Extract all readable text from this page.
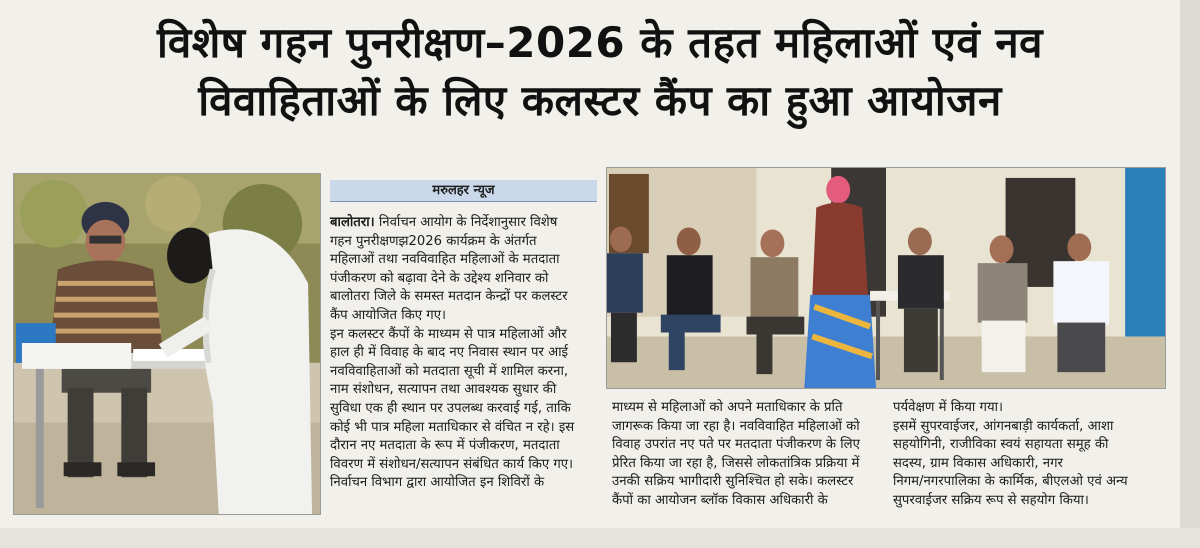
विशेष गहन पुनरीक्षण–2026 के तहत महिलाओं एवं नव
विवाहिताओं के लिए कलस्टर कैंप का हुआ आयोजन
मरुलहर न्यूज

बालोतरा। निर्वाचन आयोग के निर्देशानुसार विशेष

गहन पुनरीक्षणझ2026 कार्यक्रम के अंतर्गत

महिलाओं तथा नवविवाहित महिलाओं के मतदाता

पंजीकरण को बढ़ावा देने के उद्देश्य शनिवार को

बालोतरा जिले के समस्त मतदान केन्द्रों पर कलस्टर

कैंप आयोजित किए गए।

इन कलस्टर कैंपों के माध्यम से पात्र महिलाओं और

हाल ही में विवाह के बाद नए निवास स्थान पर आई

नवविवाहिताओं को मतदाता सूची में शामिल करना,

नाम संशोधन, सत्यापन तथा आवश्यक सुधार की

सुविधा एक ही स्थान पर उपलब्ध करवाई गई, ताकि

कोई भी पात्र महिला मताधिकार से वंचित न रहे। इस

दौरान नए मतदाता के रूप में पंजीकरण, मतदाता

विवरण में संशोधन/सत्यापन संबंधित कार्य किए गए।

निर्वाचन विभाग द्वारा आयोजित इन शिविरों के

माध्यम से महिलाओं को अपने मताधिकार के प्रति

जागरूक किया जा रहा है। नवविवाहित महिलाओं को

विवाह उपरांत नए पते पर मतदाता पंजीकरण के लिए

प्रेरित किया जा रहा है, जिससे लोकतांत्रिक प्रक्रिया में

उनकी सक्रिय भागीदारी सुनिश्चित हो सके। कलस्टर

कैंपों का आयोजन ब्लॉक विकास अधिकारी के

पर्यवेक्षण में किया गया।

इसमें सुपरवाईजर, आंगनबाड़ी कार्यकर्ता, आशा

सहयोगिनी, राजीविका स्वयं सहायता समूह की

सदस्य, ग्राम विकास अधिकारी, नगर

निगम/नगरपालिका के कार्मिक, बीएलओ एवं अन्य

सुपरवाईजर सक्रिय रूप से सहयोग किया।
